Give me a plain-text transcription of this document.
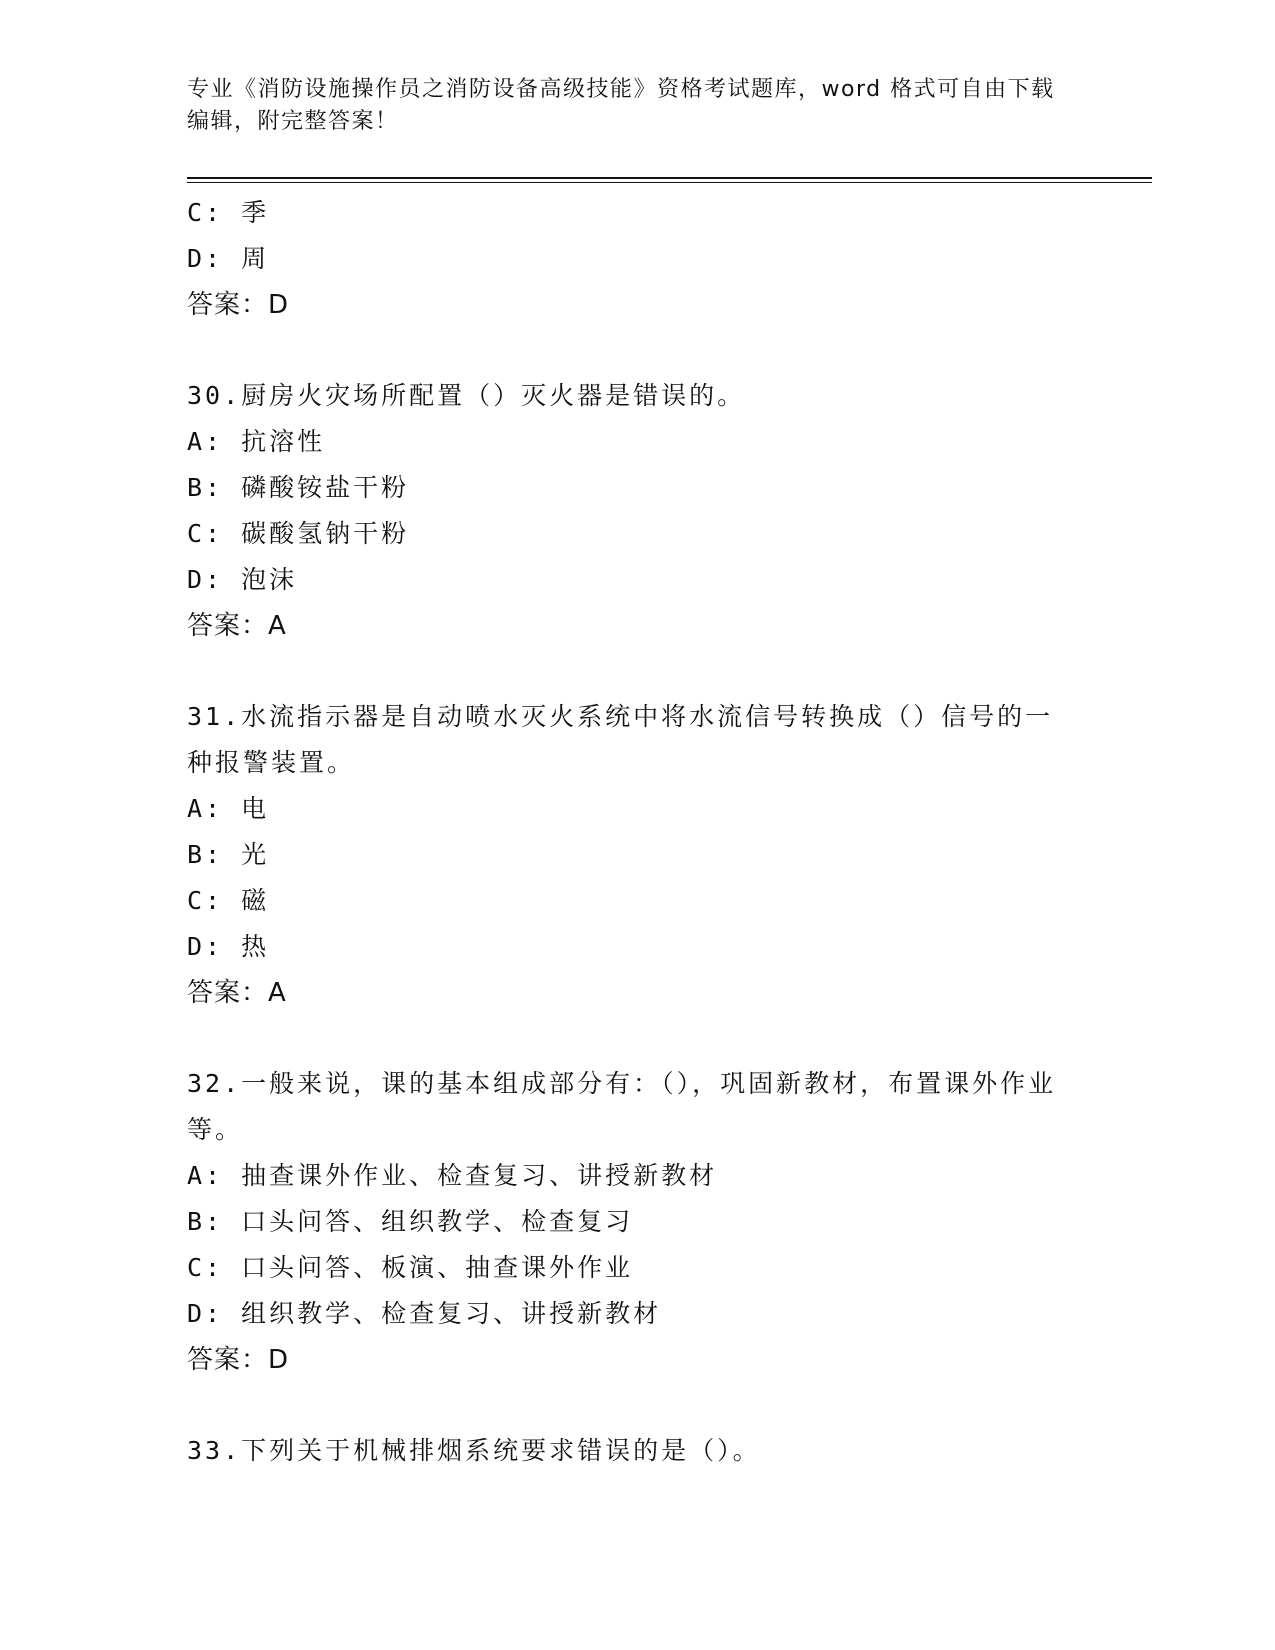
专业《消防设施操作员之消防设备高级技能》资格考试题库，word 格式可自由下载编辑，附完整答案！
C: 季
D: 周
答案：D
30.厨房火灾场所配置（）灭火器是错误的。
A: 抗溶性
B: 磷酸铵盐干粉
C: 碳酸氢钠干粉
D: 泡沫
答案：A
31.水流指示器是自动喷水灭火系统中将水流信号转换成（）信号的一种报警装置。
A: 电
B: 光
C: 磁
D: 热
答案：A
32.一般来说，课的基本组成部分有：（），巩固新教材，布置课外作业等。
A: 抽查课外作业、检查复习、讲授新教材
B: 口头问答、组织教学、检查复习
C: 口头问答、板演、抽查课外作业
D: 组织教学、检查复习、讲授新教材
答案：D
33.下列关于机械排烟系统要求错误的是（）。
